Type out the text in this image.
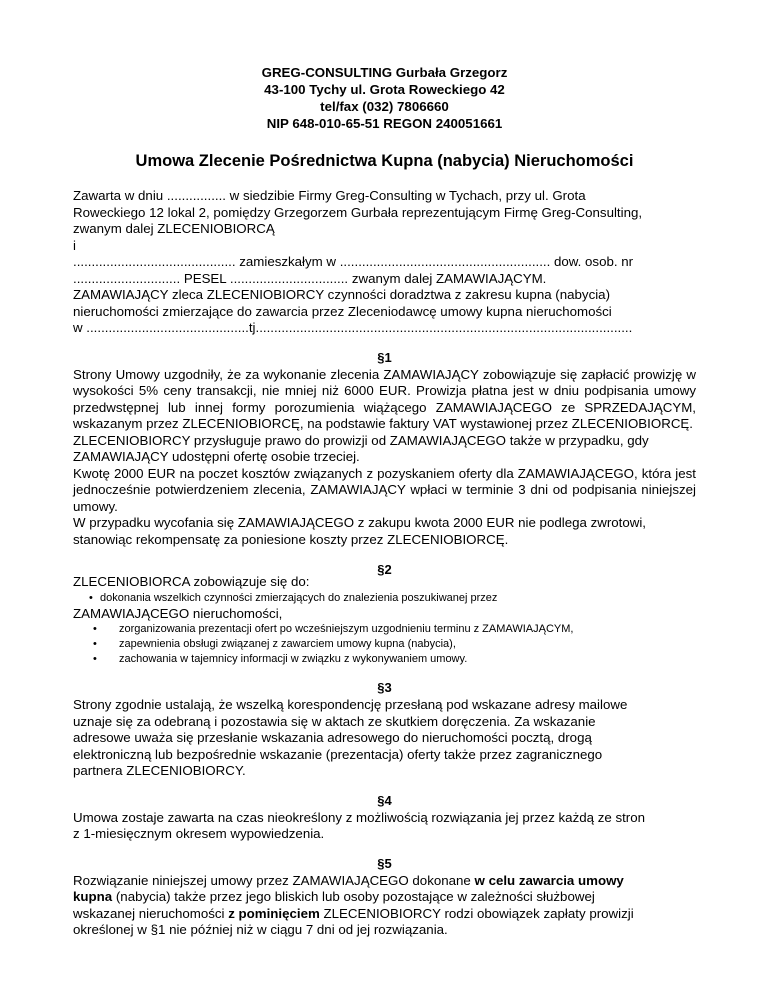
GREG-CONSULTING Gurbała Grzegorz
43-100 Tychy ul. Grota Roweckiego 42
tel/fax (032) 7806660
NIP 648-010-65-51 REGON 240051661
Umowa Zlecenie Pośrednictwa Kupna (nabycia) Nieruchomości

Zawarta w dniu ................ w siedzibie Firmy Greg-Consulting w Tychach, przy ul. Grota

Roweckiego 12 lokal 2, pomiędzy Grzegorzem Gurbała reprezentującym Firmę Greg-Consulting,

zwanym dalej ZLECENIOBIORCĄ

i

............................................ zamieszkałym w ......................................................... dow. osob. nr

............................. PESEL ................................ zwanym dalej ZAMAWIAJĄCYM.

ZAMAWIAJĄCY zleca ZLECENIOBIORCY czynności doradztwa z zakresu kupna (nabycia)

nieruchomości zmierzające do zawarcia przez Zleceniodawcę umowy kupna nieruchomości

w ............................................tj......................................................................................................

§1

Strony Umowy uzgodniły, że za wykonanie zlecenia ZAMAWIAJĄCY zobowiązuje się zapłacić prowizję w wysokości 5% ceny transakcji, nie mniej niż 6000 EUR. Prowizja płatna jest w dniu podpisania umowy przedwstępnej lub innej formy porozumienia wiążącego ZAMAWIAJĄCEGO ze SPRZEDAJĄCYM, wskazanym przez ZLECENIOBIORCĘ, na podstawie faktury VAT wystawionej przez ZLECENIOBIORCĘ.

ZLECENIOBIORCY przysługuje prawo do prowizji od ZAMAWIAJĄCEGO także w przypadku, gdy ZAMAWIAJĄCY udostępni ofertę osobie trzeciej.

Kwotę 2000 EUR na poczet kosztów związanych z pozyskaniem oferty dla ZAMAWIAJĄCEGO, która jest jednocześnie potwierdzeniem zlecenia, ZAMAWIAJĄCY wpłaci w terminie 3 dni od podpisania niniejszej umowy.

W przypadku wycofania się ZAMAWIAJĄCEGO z zakupu kwota 2000 EUR nie podlega zwrotowi, stanowiąc rekompensatę za poniesione koszty przez ZLECENIOBIORCĘ.

§2

ZLECENIOBIORCA zobowiązuje się do:

• dokonania wszelkich czynności zmierzających do znalezienia poszukiwanej przez

ZAMAWIAJĄCEGO nieruchomości,

• zorganizowania prezentacji ofert po wcześniejszym uzgodnieniu terminu z ZAMAWIAJĄCYM,
• zapewnienia obsługi związanej z zawarciem umowy kupna (nabycia),
• zachowania w tajemnicy informacji w związku z wykonywaniem umowy.
§3

Strony zgodnie ustalają, że wszelką korespondencję przesłaną pod wskazane adresy mailowe

uznaje się za odebraną i pozostawia się w aktach ze skutkiem doręczenia. Za wskazanie

adresowe uważa się przesłanie wskazania adresowego do nieruchomości pocztą, drogą

elektroniczną lub bezpośrednie wskazanie (prezentacja) oferty także przez zagranicznego

partnera ZLECENIOBIORCY.

§4

Umowa zostaje zawarta na czas nieokreślony z możliwością rozwiązania jej przez każdą ze stron

z 1-miesięcznym okresem wypowiedzenia.

§5

Rozwiązanie niniejszej umowy przez ZAMAWIAJĄCEGO dokonane w celu zawarcia umowy

kupna (nabycia) także przez jego bliskich lub osoby pozostające w zależności służbowej

wskazanej nieruchomości z pominięciem ZLECENIOBIORCY rodzi obowiązek zapłaty prowizji

określonej w §1 nie później niż w ciągu 7 dni od jej rozwiązania.
